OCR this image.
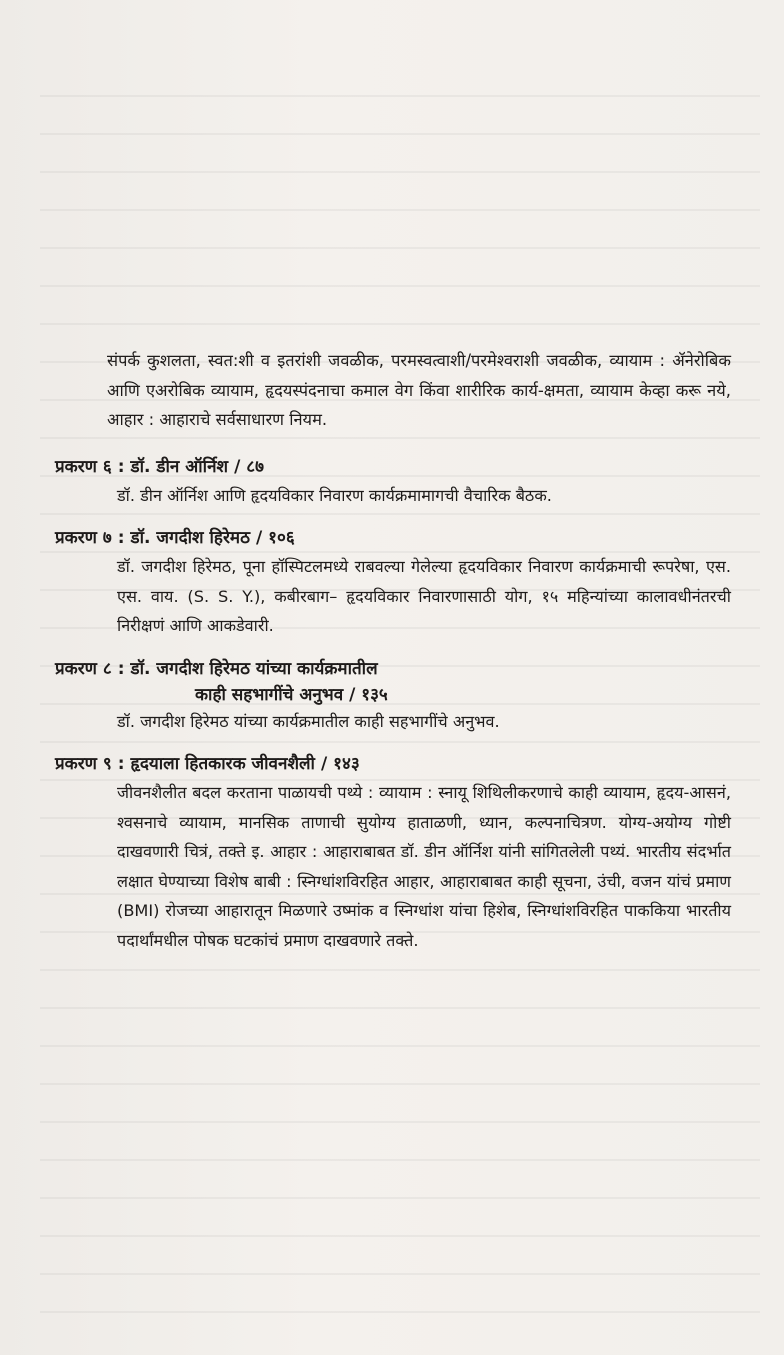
संपर्क कुशलता, स्वत:शी व इतरांशी जवळीक, परमस्वत्वाशी/परमेश्वराशी जवळीक, व्यायाम : ॲनेरोबिक आणि एअरोबिक व्यायाम, हृदयस्पंदनाचा कमाल वेग किंवा शारीरिक कार्य-क्षमता, व्यायाम केव्हा करू नये, आहार : आहाराचे सर्वसाधारण नियम.
प्रकरण ६ : डॉ. डीन ऑर्निश / ८७
डॉ. डीन ऑर्निश आणि हृदयविकार निवारण कार्यक्रमामागची वैचारिक बैठक.
प्रकरण ७ : डॉ. जगदीश हिरेमठ / १०६
डॉ. जगदीश हिरेमठ, पूना हॉस्पिटलमध्ये राबवल्या गेलेल्या हृदयविकार निवारण कार्यक्रमाची रूपरेषा, एस. एस. वाय. (S. S. Y.), कबीरबाग– हृदयविकार निवारणासाठी योग, १५ महिन्यांच्या कालावधीनंतरची निरीक्षणं आणि आकडेवारी.
प्रकरण ८ : डॉ. जगदीश हिरेमठ यांच्या कार्यक्रमातील
काही सहभागींचे अनुभव / १३५
डॉ. जगदीश हिरेमठ यांच्या कार्यक्रमातील काही सहभागींचे अनुभव.
प्रकरण ९ : हृदयाला हितकारक जीवनशैली / १४३
जीवनशैलीत बदल करताना पाळायची पथ्ये : व्यायाम : स्नायू शिथिलीकरणाचे काही व्यायाम, हृदय-आसनं, श्वसनाचे व्यायाम, मानसिक ताणाची सुयोग्य हाताळणी, ध्यान, कल्पनाचित्रण. योग्य-अयोग्य गोष्टी दाखवणारी चित्रं, तक्ते इ. आहार : आहाराबाबत डॉ. डीन ऑर्निश यांनी सांगितलेली पथ्यं. भारतीय संदर्भात लक्षात घेण्याच्या विशेष बाबी : स्निग्धांशविरहित आहार, आहाराबाबत काही सूचना, उंची, वजन यांचं प्रमाण (BMI) रोजच्या आहारातून मिळणारे उष्मांक व स्निग्धांश यांचा हिशेब, स्निग्धांशविरहित पाककिया भारतीय पदार्थांमधील पोषक घटकांचं प्रमाण दाखवणारे तक्ते.
